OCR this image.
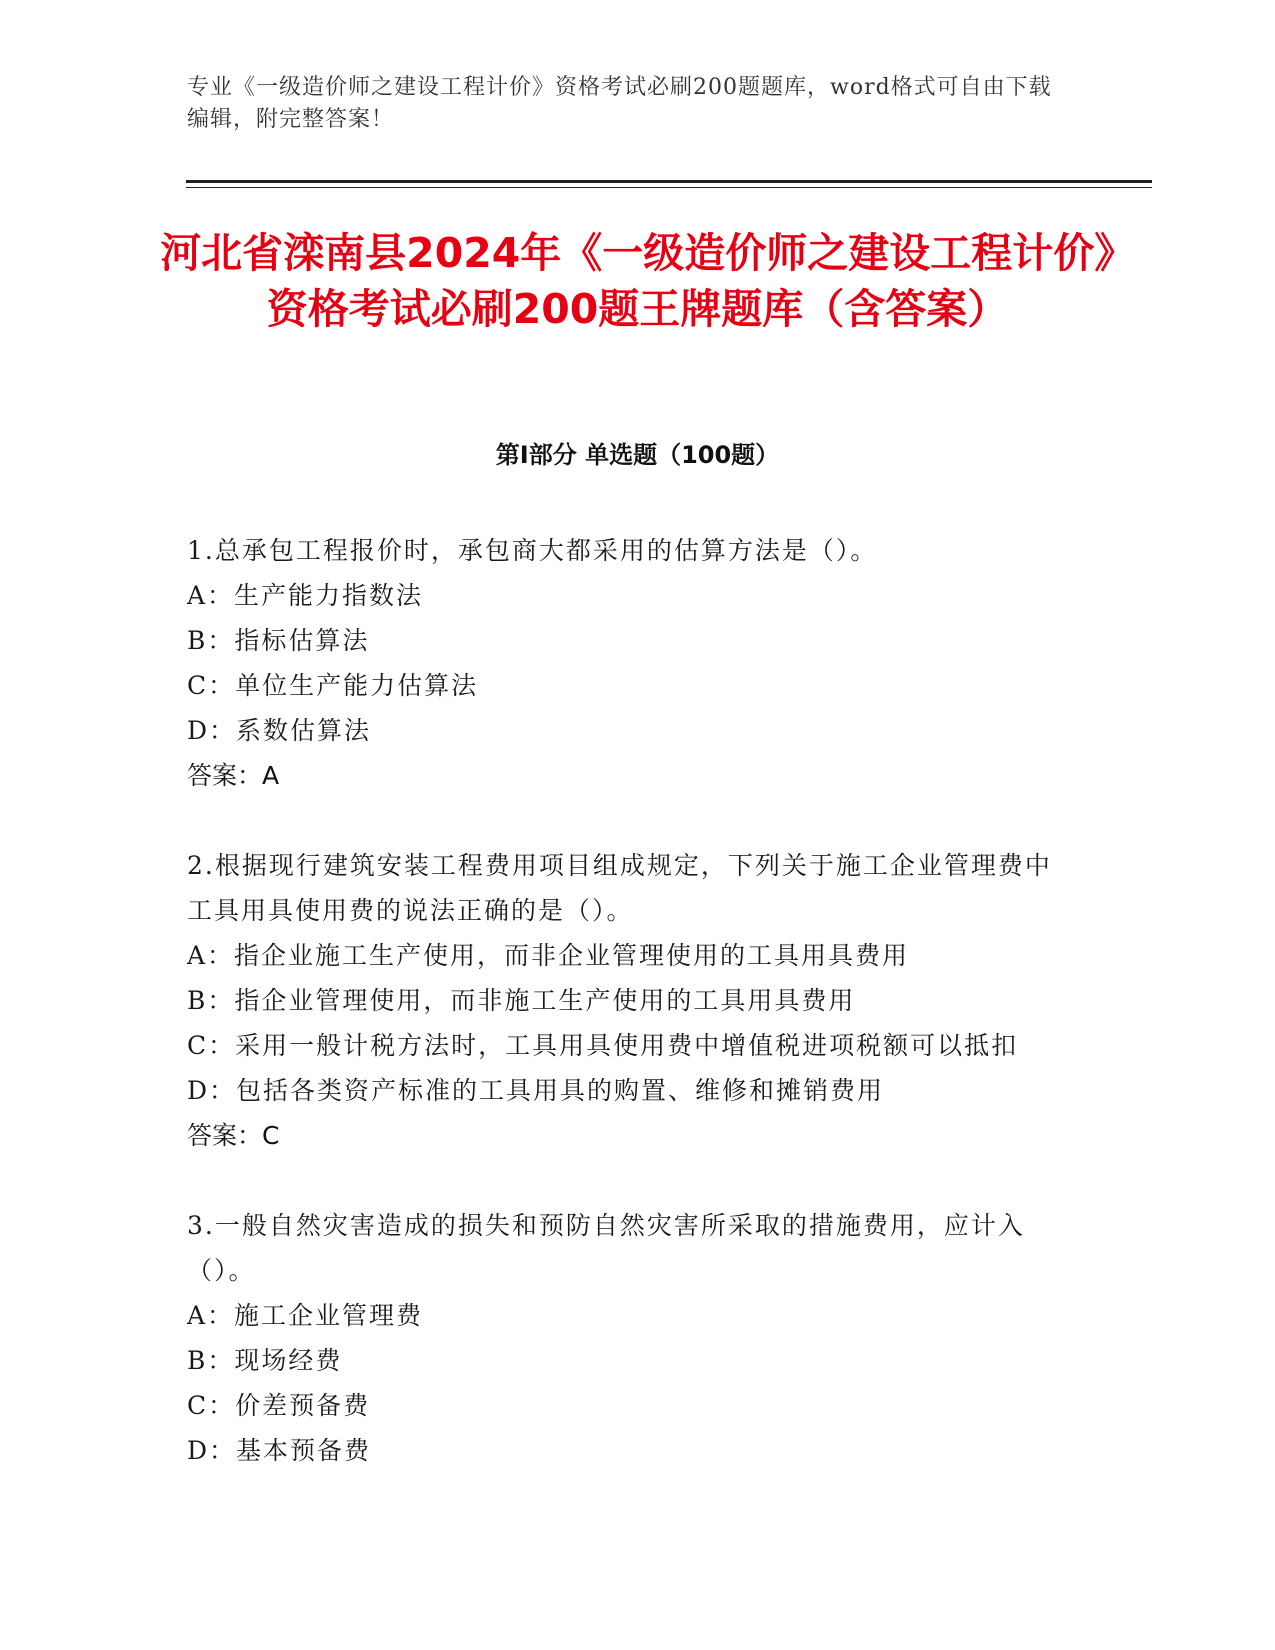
专业《一级造价师之建设工程计价》资格考试必刷200题题库，word格式可自由下载编辑，附完整答案！
河北省滦南县2024年《一级造价师之建设工程计价》资格考试必刷200题王牌题库（含答案）
第I部分 单选题（100题）
1.总承包工程报价时，承包商大都采用的估算方法是（）。
A：生产能力指数法
B：指标估算法
C：单位生产能力估算法
D：系数估算法
答案：A
2.根据现行建筑安装工程费用项目组成规定，下列关于施工企业管理费中工具用具使用费的说法正确的是（）。
A：指企业施工生产使用，而非企业管理使用的工具用具费用
B：指企业管理使用，而非施工生产使用的工具用具费用
C：采用一般计税方法时，工具用具使用费中增值税进项税额可以抵扣
D：包括各类资产标准的工具用具的购置、维修和摊销费用
答案：C
3.一般自然灾害造成的损失和预防自然灾害所采取的措施费用，应计入（）。
A：施工企业管理费
B：现场经费
C：价差预备费
D：基本预备费
